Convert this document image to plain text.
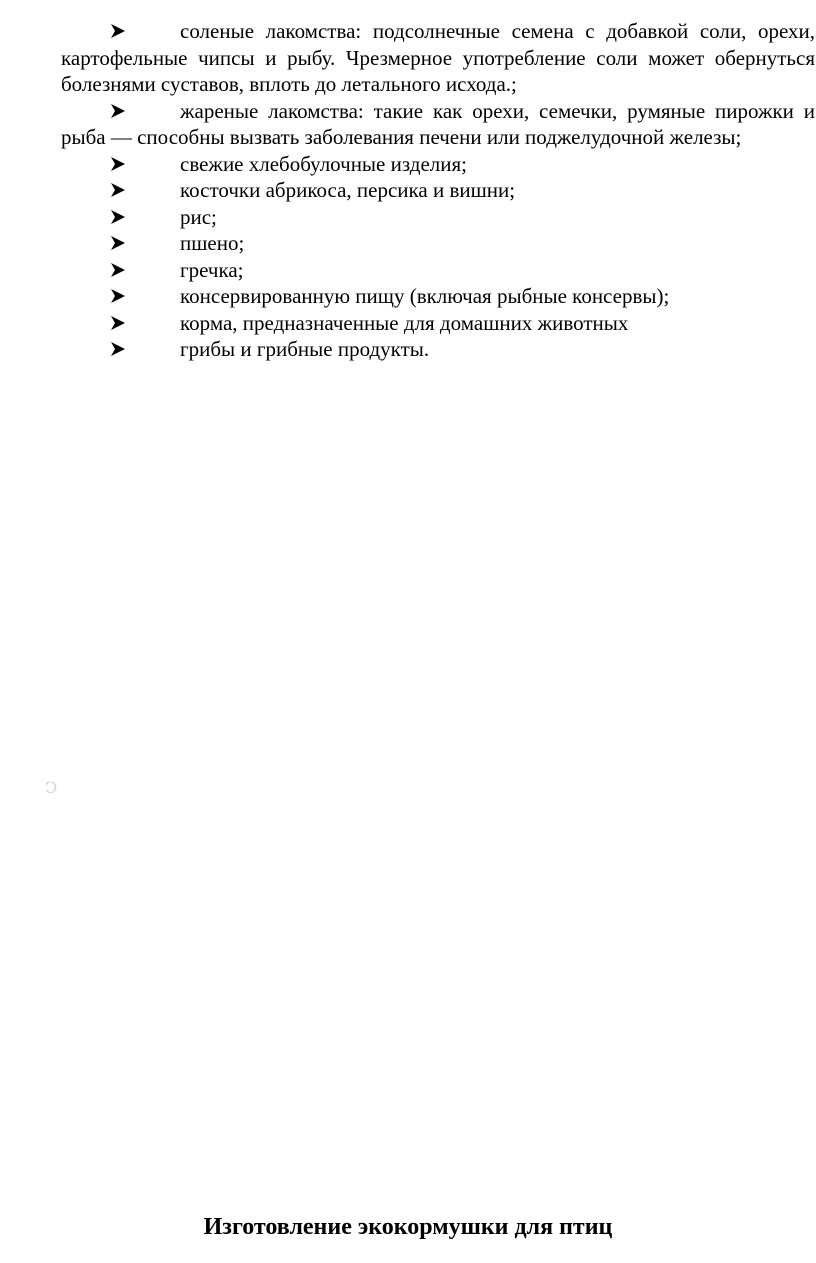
соленые лакомства: подсолнечные семена с добавкой соли, орехи, картофельные чипсы и рыбу. Чрезмерное употребление соли может обернуться болезнями суставов, вплоть до летального исхода.;

жареные лакомства: такие как орехи, семечки, румяные пирожки и рыба — способны вызвать заболевания печени или поджелудочной железы;

свежие хлебобулочные изделия;

косточки абрикоса, персика и вишни;

рис;

пшено;

гречка;

консервированную пищу (включая рыбные консервы);

корма, предназначенные для домашних животных

грибы и грибные продукты.

Ↄ
Изготовление экокормушки для птиц
